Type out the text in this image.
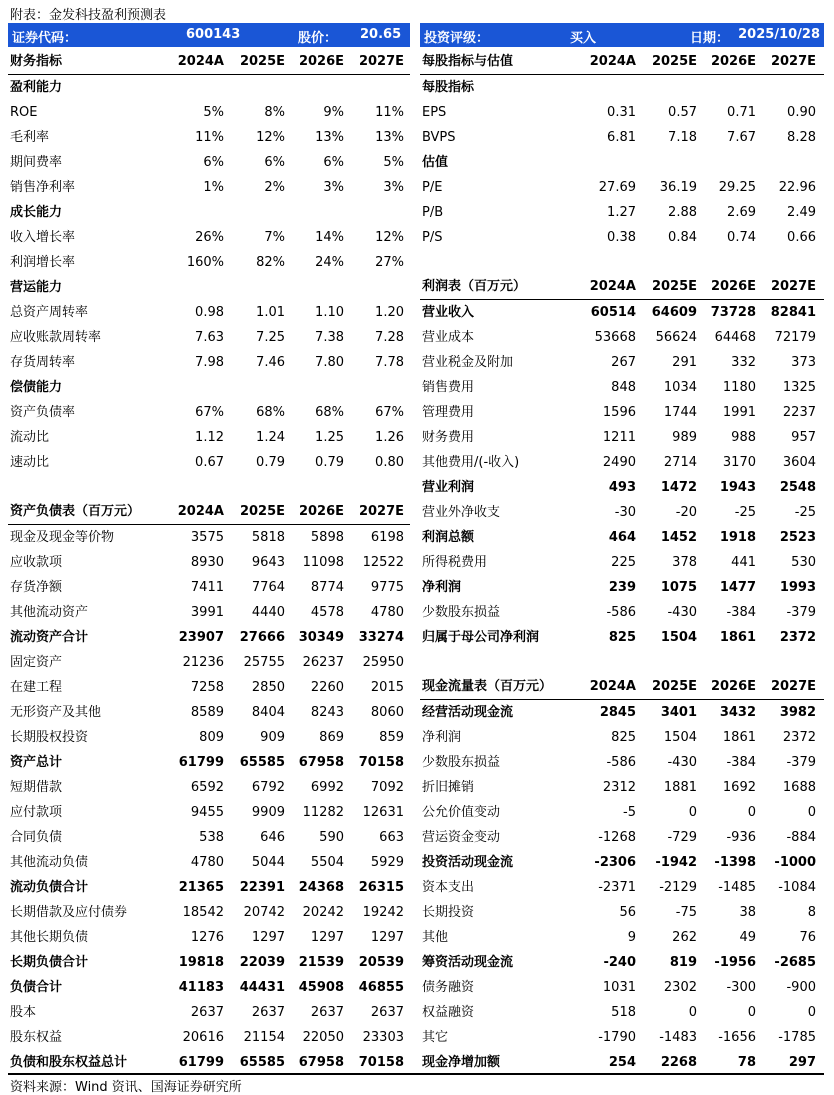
附表：金发科技盈利预测表
证券代码：	600143	股价： 20.65 投资评级：	买入	日期： 2025/10/28
财务指标	2024A 2025E 2026E 2027E
盈利能力
ROE	5%	8%	9% 11%
毛利率	11% 12% 13% 13%
期间费率	6%	6%	6%	5%
销售净利率	1%	2%	3%	3%
成长能力
收入增长率	26%	7% 14% 12%
利润增长率	160% 82% 24% 27%
营运能力
总资产周转率	0.98 1.01 1.10 1.20
应收账款周转率	7.63 7.25 7.38 7.28
存货周转率	7.98 7.46 7.80 7.78
偿债能力
资产负债率	67% 68% 68% 67%
流动比	1.12 1.24 1.25 1.26
速动比	0.67 0.79 0.79 0.80
资产负债表（百万元）	2024A 2025E 2026E 2027E
现金及现金等价物	3575 5818 5898 6198
应收款项	8930 9643 11098 12522
存货净额	7411 7764 8774 9775
其他流动资产	3991 4440 4578 4780
流动资产合计	23907 27666 30349 33274
固定资产	21236 25755 26237 25950
在建工程	7258 2850 2260 2015
无形资产及其他	8589 8404 8243 8060
长期股权投资	809	909	869	859
资产总计	61799 65585 67958 70158
短期借款	6592 6792 6992 7092
应付款项	9455 9909 11282 12631
合同负债	538	646	590	663
其他流动负债	4780 5044 5504 5929
流动负债合计	21365 22391 24368 26315
长期借款及应付债券	18542 20742 20242 19242
其他长期负债	1276 1297 1297 1297
长期负债合计	19818 22039 21539 20539
负债合计	41183 44431 45908 46855
股本	2637 2637 2637 2637
股东权益	20616 21154 22050 23303
负债和股东权益总计	61799 65585 67958 70158
每股指标与估值	2024A 2025E 2026E 2027E
每股指标
EPS	0.31 0.57 0.71 0.90
BVPS	6.81 7.18 7.67 8.28
估值
P/E	27.69 36.19 29.25 22.96
P/B	1.27 2.88 2.69 2.49
P/S	0.38 0.84 0.74 0.66
利润表（百万元）	2024A 2025E 2026E 2027E
营业收入	60514 64609 73728 82841
营业成本	53668 56624 64468 72179
营业税金及附加	267	291	332	373
销售费用	848 1034 1180 1325
管理费用	1596 1744 1991 2237
财务费用	1211	989	988	957
其他费用/(-收入)	2490 2714 3170 3604
营业利润	493 1472 1943 2548
营业外净收支	-30	-20	-25	-25
利润总额	464 1452 1918 2523
所得税费用	225	378	441	530
净利润	239 1075 1477 1993
少数股东损益	-586 -430 -384 -379
归属于母公司净利润	825 1504 1861 2372
现金流量表（百万元）	2024A 2025E 2026E 2027E
经营活动现金流	2845 3401 3432 3982
净利润	825 1504 1861 2372
少数股东损益	-586 -430 -384 -379
折旧摊销	2312 1881 1692 1688
公允价值变动	-5	0	0	0
营运资金变动	-1268 -729 -936 -884
投资活动现金流	-2306 -1942 -1398 -1000
资本支出	-2371 -2129 -1485 -1084
长期投资	56	-75	38	8
其他	9	262	49	76
筹资活动现金流	-240	819 -1956 -2685
债务融资	1031 2302 -300 -900
权益融资	518	0	0	0
其它	-1790 -1483 -1656 -1785
现金净增加额	254 2268	78	297
资料来源：Wind 资讯、国海证券研究所
